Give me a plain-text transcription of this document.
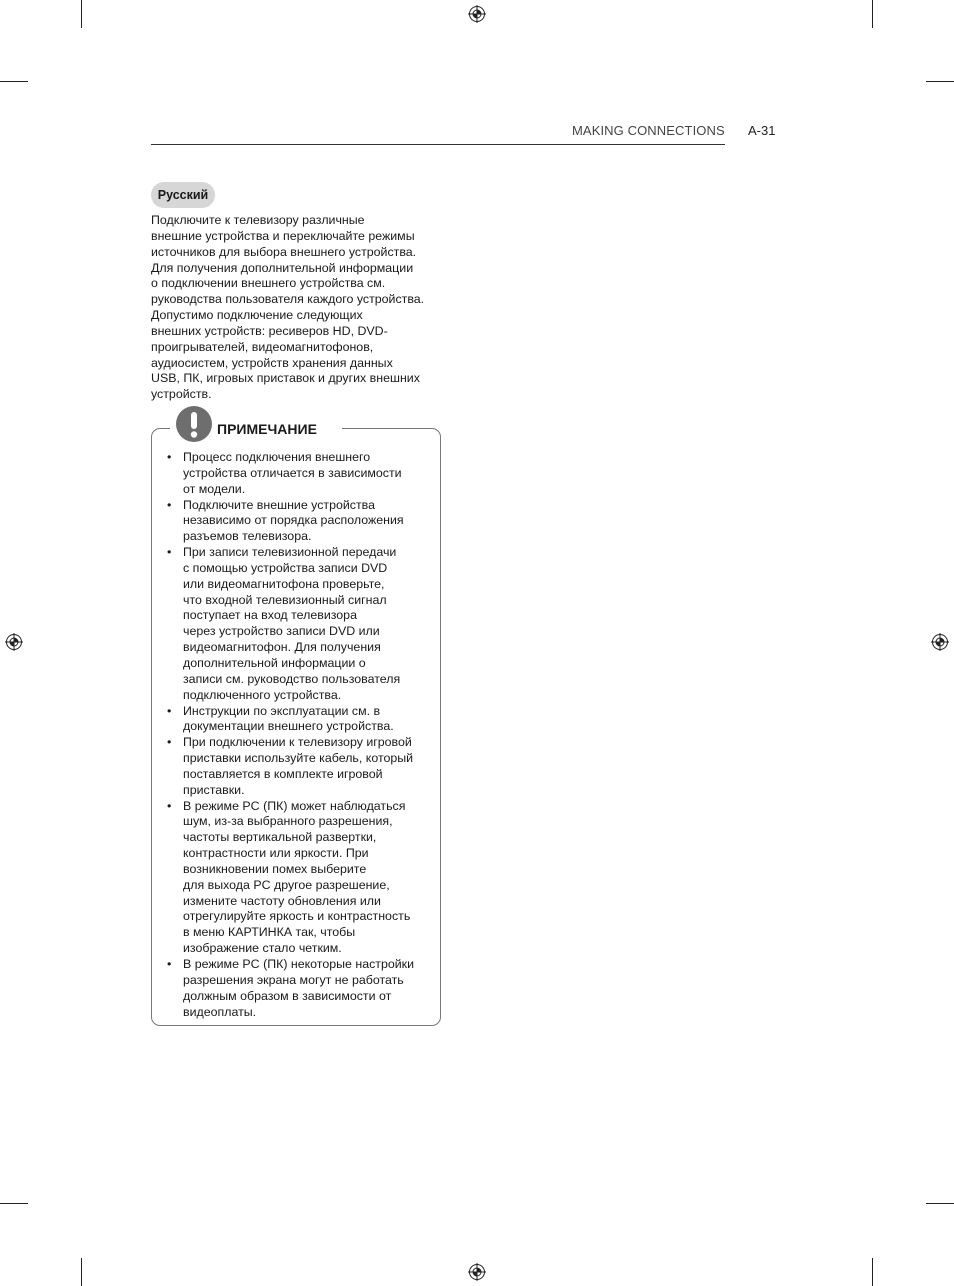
MAKING CONNECTIONS A-31
Русский
Подключите к телевизору различные
внешние устройства и переключайте режимы
источников для выбора внешнего устройства.
Для получения дополнительной информации
о подключении внешнего устройства см.
руководства пользователя каждого устройства.
Допустимо подключение следующих
внешних устройств: ресиверов HD, DVD-
проигрывателей, видеомагнитофонов,
аудиосистем, устройств хранения данных
USB, ПК, игровых приставок и других внешних
устройств.
ПРИМЕЧАНИЕ
• Процесс подключения внешнего
устройства отличается в зависимости
от модели.
• Подключите внешние устройства
независимо от порядка расположения
разъемов телевизора.
• При записи телевизионной передачи
с помощью устройства записи DVD
или видеомагнитофона проверьте,
что входной телевизионный сигнал
поступает на вход телевизора
через устройство записи DVD или
видеомагнитофон. Для получения
дополнительной информации о
записи см. руководство пользователя
подключенного устройства.
• Инструкции по эксплуатации см. в
документации внешнего устройства.
• При подключении к телевизору игровой
приставки используйте кабель, который
поставляется в комплекте игровой
приставки.
• В режиме PC (ПК) может наблюдаться
шум, из-за выбранного разрешения,
частоты вертикальной развертки,
контрастности или яркости. При
возникновении помех выберите
для выхода PC другое разрешение,
измените частоту обновления или
отрегулируйте яркость и контрастность
в меню КАРТИНКА так, чтобы
изображение стало четким.
• В режиме PC (ПК) некоторые настройки
разрешения экрана могут не работать
должным образом в зависимости от
видеоплаты.
